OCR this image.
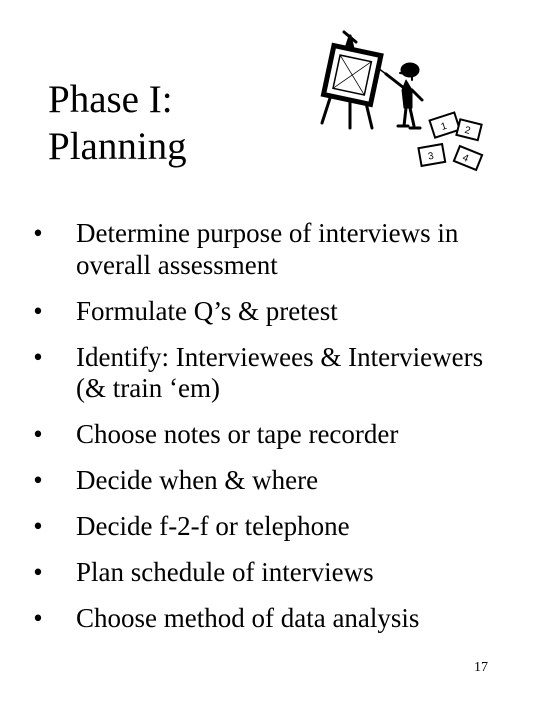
Phase I:
Planning	1 2
3	4
• Determine purpose of interviews in overall assessment
• Formulate Q’s & pretest
• Identify: Interviewees & Interviewers (& train ‘em)
• Choose notes or tape recorder
• Decide when & where
• Decide f-2-f or telephone
• Plan schedule of interviews
• Choose method of data analysis
17
